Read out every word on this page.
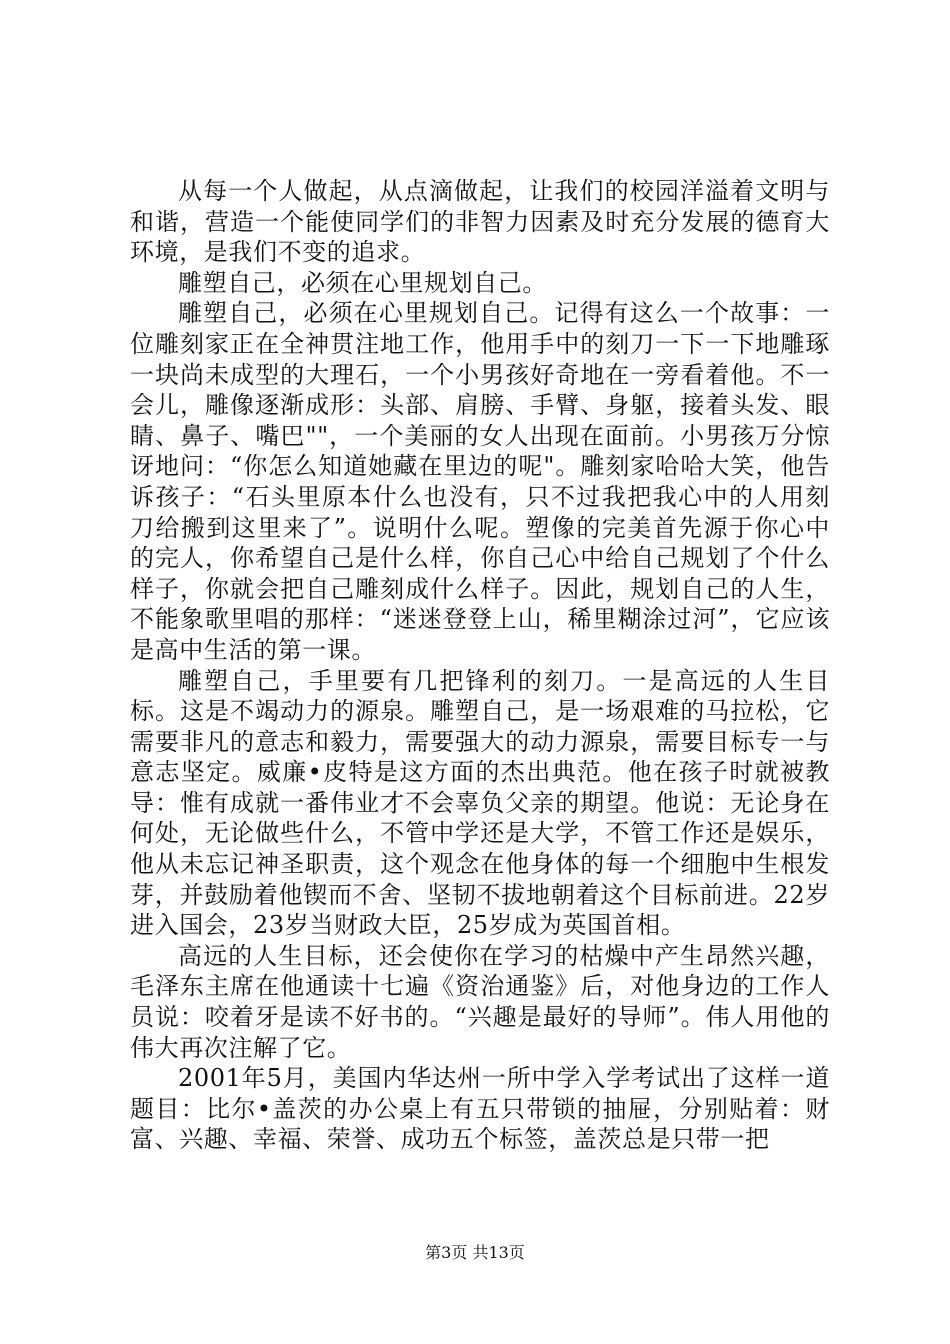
从每一个人做起，从点滴做起，让我们的校园洋溢着文明与和谐，营造一个能使同学们的非智力因素及时充分发展的德育大环境，是我们不变的追求。

雕塑自己，必须在心里规划自己。

雕塑自己，必须在心里规划自己。记得有这么一个故事：一位雕刻家正在全神贯注地工作，他用手中的刻刀一下一下地雕琢一块尚未成型的大理石，一个小男孩好奇地在一旁看着他。不一会儿，雕像逐渐成形：头部、肩膀、手臂、身躯，接着头发、眼睛、鼻子、嘴巴""，一个美丽的女人出现在面前。小男孩万分惊讶地问：“你怎么知道她藏在里边的呢"。雕刻家哈哈大笑，他告诉孩子：“石头里原本什么也没有，只不过我把我心中的人用刻刀给搬到这里来了”。说明什么呢。塑像的完美首先源于你心中的完人，你希望自己是什么样，你自己心中给自己规划了个什么样子，你就会把自己雕刻成什么样子。因此，规划自己的人生，不能象歌里唱的那样：“迷迷登登上山，稀里糊涂过河”，它应该是高中生活的第一课。

雕塑自己，手里要有几把锋利的刻刀。一是高远的人生目标。这是不竭动力的源泉。雕塑自己，是一场艰难的马拉松，它需要非凡的意志和毅力，需要强大的动力源泉，需要目标专一与意志坚定。威廉•皮特是这方面的杰出典范。他在孩子时就被教导：惟有成就一番伟业才不会辜负父亲的期望。他说：无论身在何处，无论做些什么，不管中学还是大学，不管工作还是娱乐，他从未忘记神圣职责，这个观念在他身体的每一个细胞中生根发芽，并鼓励着他锲而不舍、坚韧不拔地朝着这个目标前进。22岁进入国会，23岁当财政大臣，25岁成为英国首相。

高远的人生目标，还会使你在学习的枯燥中产生昂然兴趣，毛泽东主席在他通读十七遍《资治通鉴》后，对他身边的工作人员说：咬着牙是读不好书的。“兴趣是最好的导师”。伟人用他的伟大再次注解了它。

2001年5月，美国内华达州一所中学入学考试出了这样一道题目：比尔•盖茨的办公桌上有五只带锁的抽屉，分别贴着：财富、兴趣、幸福、荣誉、成功五个标签，盖茨总是只带一把

第3页 共13页
